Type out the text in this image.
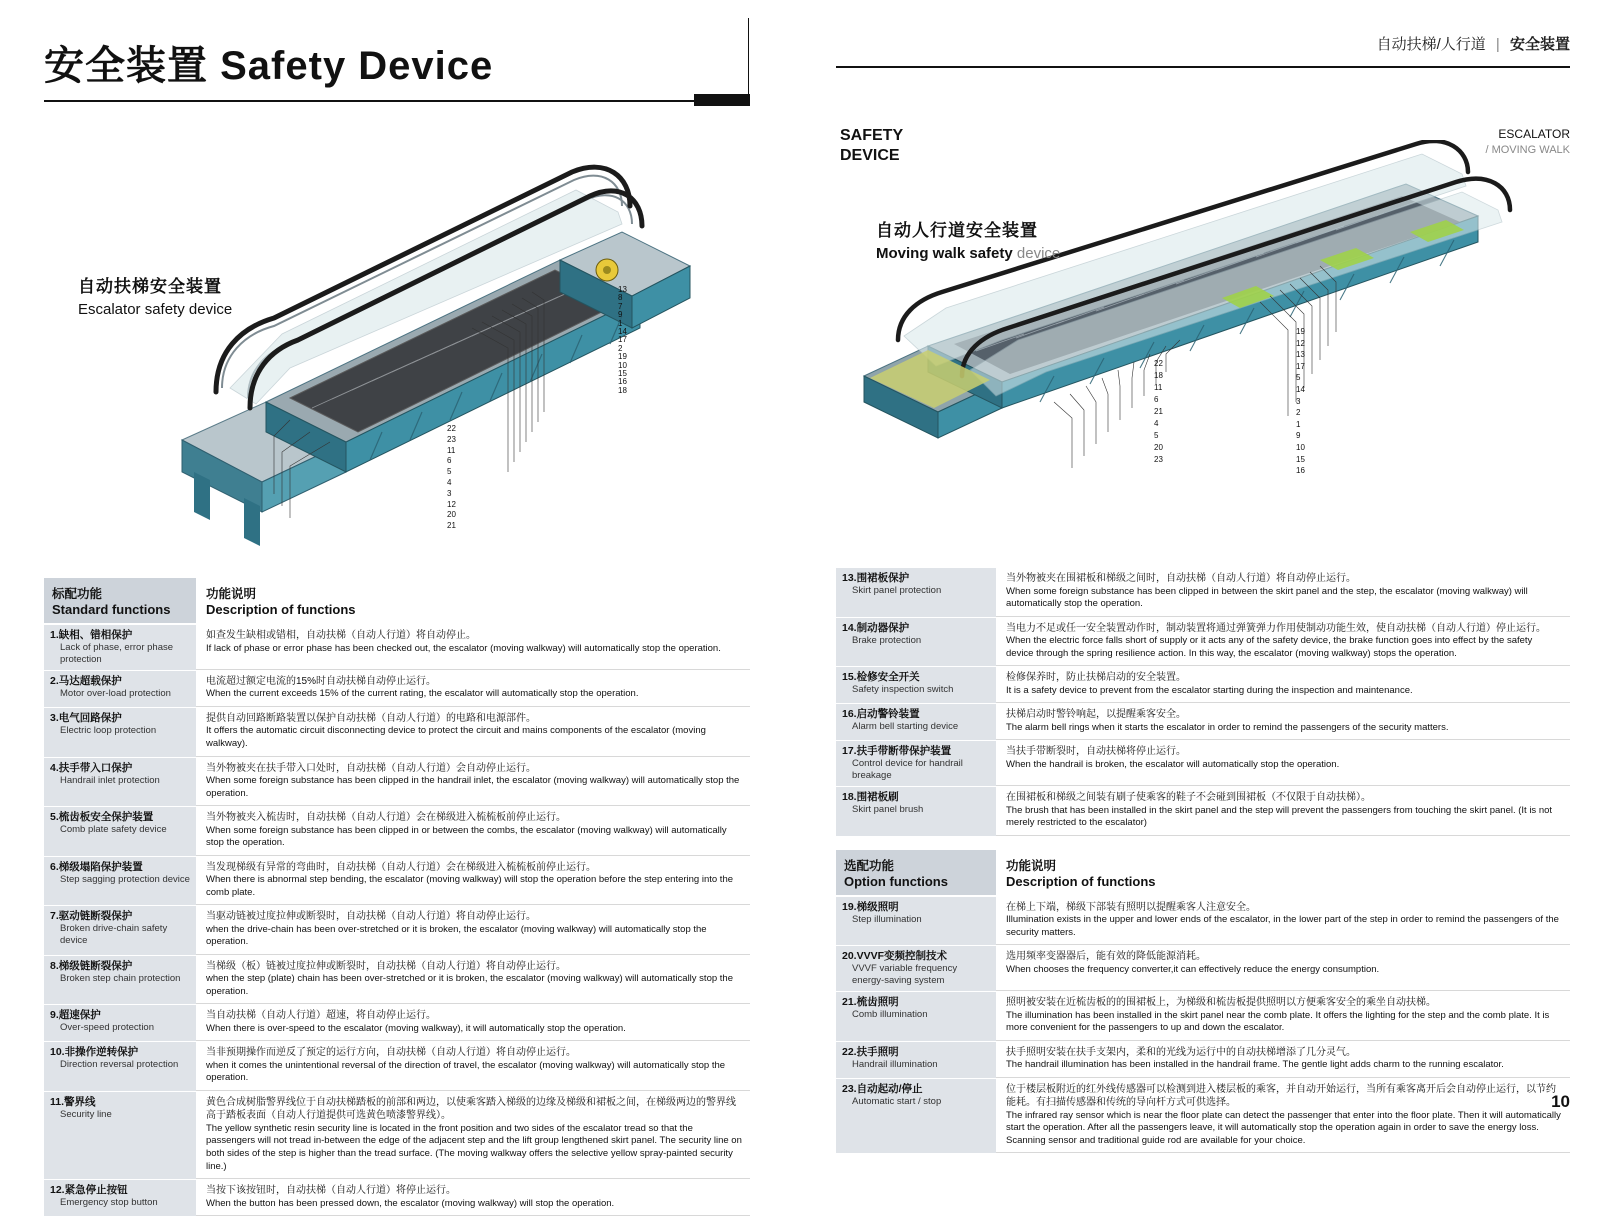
安全装置 Safety Device
13
8
7
9
1
14
17
2
19
10
15
16
18
22
23
11
6
5
4
3
12
20
21
自动扶梯安全装置
Escalator safety device
标配功能
Standard functions
功能说明
Description of functions
1.缺相、错相保护
Lack of phase, error phase protection
如查发生缺相或错相，自动扶梯（自动人行道）将自动停止。
If lack of phase or error phase has been checked out, the escalator (moving walkway) will automatically stop the operation.
2.马达超载保护
Motor over-load protection
电流超过额定电流的15%时自动扶梯自动停止运行。
When the current exceeds 15% of the current rating, the escalator will automatically stop the operation.
3.电气回路保护
Electric loop protection
提供自动回路断路装置以保护自动扶梯（自动人行道）的电路和电源部件。
It offers the automatic circuit disconnecting device to protect the circuit and mains components of the escalator (moving walkway).
4.扶手带入口保护
Handrail inlet protection
当外物被夹在扶手带入口处时，自动扶梯（自动人行道）会自动停止运行。
When some foreign substance has been clipped in the handrail inlet, the escalator (moving walkway) will automatically stop the operation.
5.梳齿板安全保护装置
Comb plate safety device
当外物被夹入梳齿时，自动扶梯（自动人行道）会在梯级进入梳梳板前停止运行。
When some foreign substance has been clipped in or between the combs, the escalator (moving walkway) will automatically stop the operation.
6.梯级塌陷保护装置
Step sagging protection device
当发现梯级有异常的弯曲时，自动扶梯（自动人行道）会在梯级进入梳梳板前停止运行。
When there is abnormal step bending, the escalator (moving walkway) will stop the operation before the step entering into the comb plate.
7.驱动链断裂保护
Broken drive-chain safety device
当驱动链被过度拉伸或断裂时，自动扶梯（自动人行道）将自动停止运行。
when the drive-chain has been over-stretched or it is broken, the escalator (moving walkway) will automatically stop the operation.
8.梯级链断裂保护
Broken step chain protection
当梯级（板）链被过度拉伸或断裂时，自动扶梯（自动人行道）将自动停止运行。
when the step (plate) chain has been over-stretched or it is broken, the escalator (moving walkway) will automatically stop the operation.
9.超速保护
Over-speed protection
当自动扶梯（自动人行道）超速，将自动停止运行。
When there is over-speed to the escalator (moving walkway), it will automatically stop the operation.
10.非操作逆转保护
Direction reversal protection
当非预期操作而逆反了预定的运行方向，自动扶梯（自动人行道）将自动停止运行。
when it comes the unintentional reversal of the direction of travel, the escalator (moving walkway) will automatically stop the operation.
11.警界线
Security line
黄色合成树脂警界线位于自动扶梯踏板的前部和两边，以使乘客踏入梯级的边缘及梯级和裙板之间，在梯级两边的警界线高于踏板表面（自动人行道提供可选黄色喷漆警界线）。
The yellow synthetic resin security line is located in the front position and two sides of the escalator tread so that the passengers will not tread in-between the edge of the adjacent step and the lift group lengthened skirt panel. The security line on both sides of the step is higher than the tread surface. (The moving walkway offers the selective yellow spray-painted security line.)
12.紧急停止按钮
Emergency stop button
当按下该按钮时，自动扶梯（自动人行道）将停止运行。
When the button has been pressed down, the escalator (moving walkway) will stop the operation.
自动扶梯/人行道 | 安全装置
SAFETY
DEVICE
ESCALATOR
/ MOVING WALK
22
18
11
6
21
4
5
20
23
19
12
13
17
5
14
3
2
1
9
10
15
16
自动人行道安全装置
Moving walk safety device
13.围裙板保护
Skirt panel protection
当外物被夹在围裙板和梯级之间时，自动扶梯（自动人行道）将自动停止运行。
When some foreign substance has been clipped in between the skirt panel and the step, the escalator (moving walkway) will automatically stop the operation.
14.制动器保护
Brake protection
当电力不足或任一安全装置动作时，制动装置将通过弹簧弹力作用使制动功能生效，使自动扶梯（自动人行道）停止运行。
When the electric force falls short of supply or it acts any of the safety device, the brake function goes into effect by the safety device through the spring resilience action. In this way, the escalator (moving walkway) stops the operation.
15.检修安全开关
Safety inspection switch
检修保养时，防止扶梯启动的安全装置。
It is a safety device to prevent from the escalator starting during the inspection and maintenance.
16.启动警铃装置
Alarm bell starting device
扶梯启动时警铃响起，以提醒乘客安全。
The alarm bell rings when it starts the escalator in order to remind the passengers of the security matters.
17.扶手带断带保护装置
Control device for handrail breakage
当扶手带断裂时，自动扶梯将停止运行。
When the handrail is broken, the escalator will automatically stop the operation.
18.围裙板刷
Skirt panel brush
在围裙板和梯级之间装有刷子使乘客的鞋子不会碰到围裙板（不仅限于自动扶梯）。
The brush that has been installed in the skirt panel and the step will prevent the passengers from touching the skirt panel. (It is not merely restricted to the escalator)
选配功能
Option functions
功能说明
Description of functions
19.梯级照明
Step illumination
在梯上下端，梯级下部装有照明以提醒乘客人注意安全。
Illumination exists in the upper and lower ends of the escalator, in the lower part of the step in order to remind the passengers of the security matters.
20.VVVF变频控制技术
VVVF variable frequency energy-saving system
选用频率变器器后，能有效的降低能源消耗。
When chooses the frequency converter,it can effectively reduce the energy consumption.
21.梳齿照明
Comb illumination
照明被安装在近梳齿板的的围裙板上，为梯级和梳齿板提供照明以方便乘客安全的乘坐自动扶梯。
The illumination has been installed in the skirt panel near the comb plate. It offers the lighting for the step and the comb plate. It is more convenient for the passengers to up and down the escalator.
22.扶手照明
Handrail illumination
扶手照明安装在扶手支架内，柔和的光线为运行中的自动扶梯增添了几分灵气。
The handrail illumination has been installed in the handrail frame. The gentle light adds charm to the running escalator.
23.自动起动/停止
Automatic start / stop
位于楼层板附近的红外线传感器可以检测到进入楼层板的乘客，并自动开始运行，当所有乘客离开后会自动停止运行，以节约能耗。有扫描传感器和传统的导向杆方式可供选择。
The infrared ray sensor which is near the floor plate can detect the passenger that enter into the floor plate. Then it will automatically start the operation. After all the passengers leave, it will automatically stop the operation again in order to save the energy loss. Scanning sensor and traditional guide rod are available for your choice.
10
